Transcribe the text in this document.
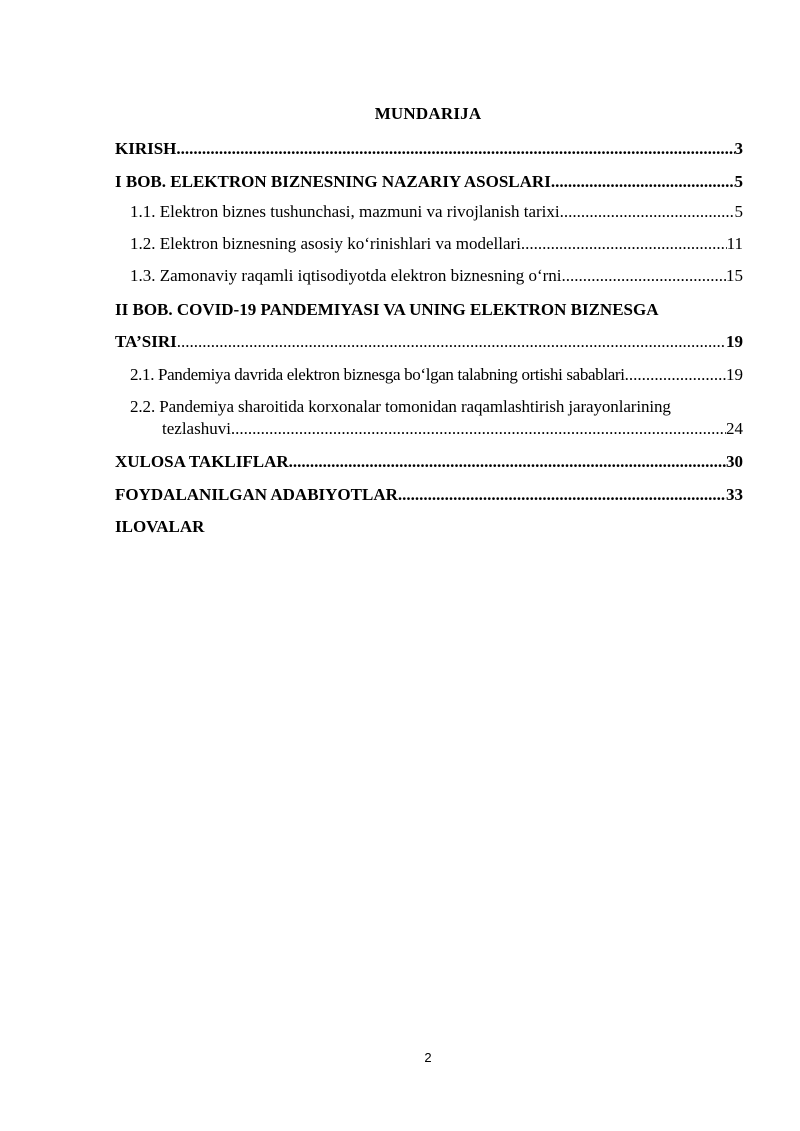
MUNDARIJA
KIRISH .....	3
I BOB. ELEKTRON BIZNESNING NAZARIY ASOSLARI .....	5
1.1. Elektron biznes tushunchasi, mazmuni va rivojlanish tarixi .....	5
1.2. Elektron biznesning asosiy ko‘rinishlari va modellari .....	11
1.3. Zamonaviy raqamli iqtisodiyotda elektron biznesning o‘rni .....	15
II BOB. COVID-19 PANDEMIYASI VA UNING ELEKTRON BIZNESGA
TA’SIRI .....	19
2.1. Pandemiya davrida elektron biznesga bo‘lgan talabning ortishi sabablari .....	19
2.2. Pandemiya sharoitida korxonalar tomonidan raqamlashtirish jarayonlarining
tezlashuvi .....	24
XULOSA TAKLIFLAR .....	30
FOYDALANILGAN ADABIYOTLAR .....	33
ILOVALAR
2
